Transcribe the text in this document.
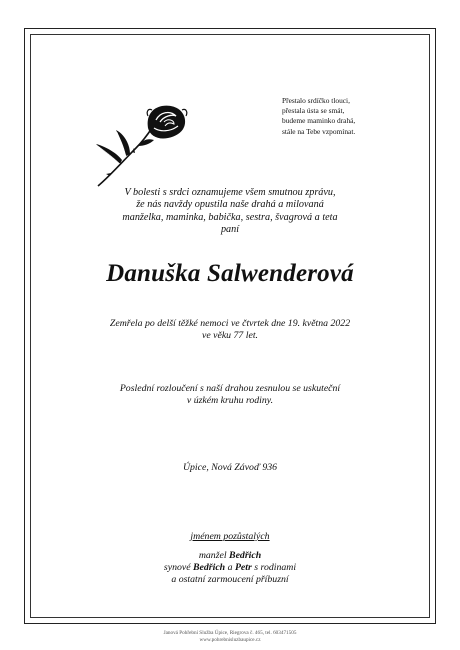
Přestalo srdíčko tlouci,
přestala ústa se smát,
budeme maminko drahá,
stále na Tebe vzpomínat.
V bolesti s srdci oznamujeme všem smutnou zprávu,
že nás navždy opustila naše drahá a milovaná
manželka, maminka, babička, sestra, švagrová a teta
paní
Danuška Salwenderová
Zemřela po delší těžké nemoci ve čtvrtek dne 19. května 2022
ve věku 77 let.
Poslední rozloučení s naší drahou zesnulou se uskuteční
v úzkém kruhu rodiny.
Úpice, Nová Závoď 936
jménem pozůstalých
manžel Bedřich
synové Bedřich a Petr s rodinami
a ostatní zarmoucení příbuzní
Janová Pohřební Služba Úpice, Riegrova č. 465, tel. 603471505
www.pohrebnisluzbaupice.cz
